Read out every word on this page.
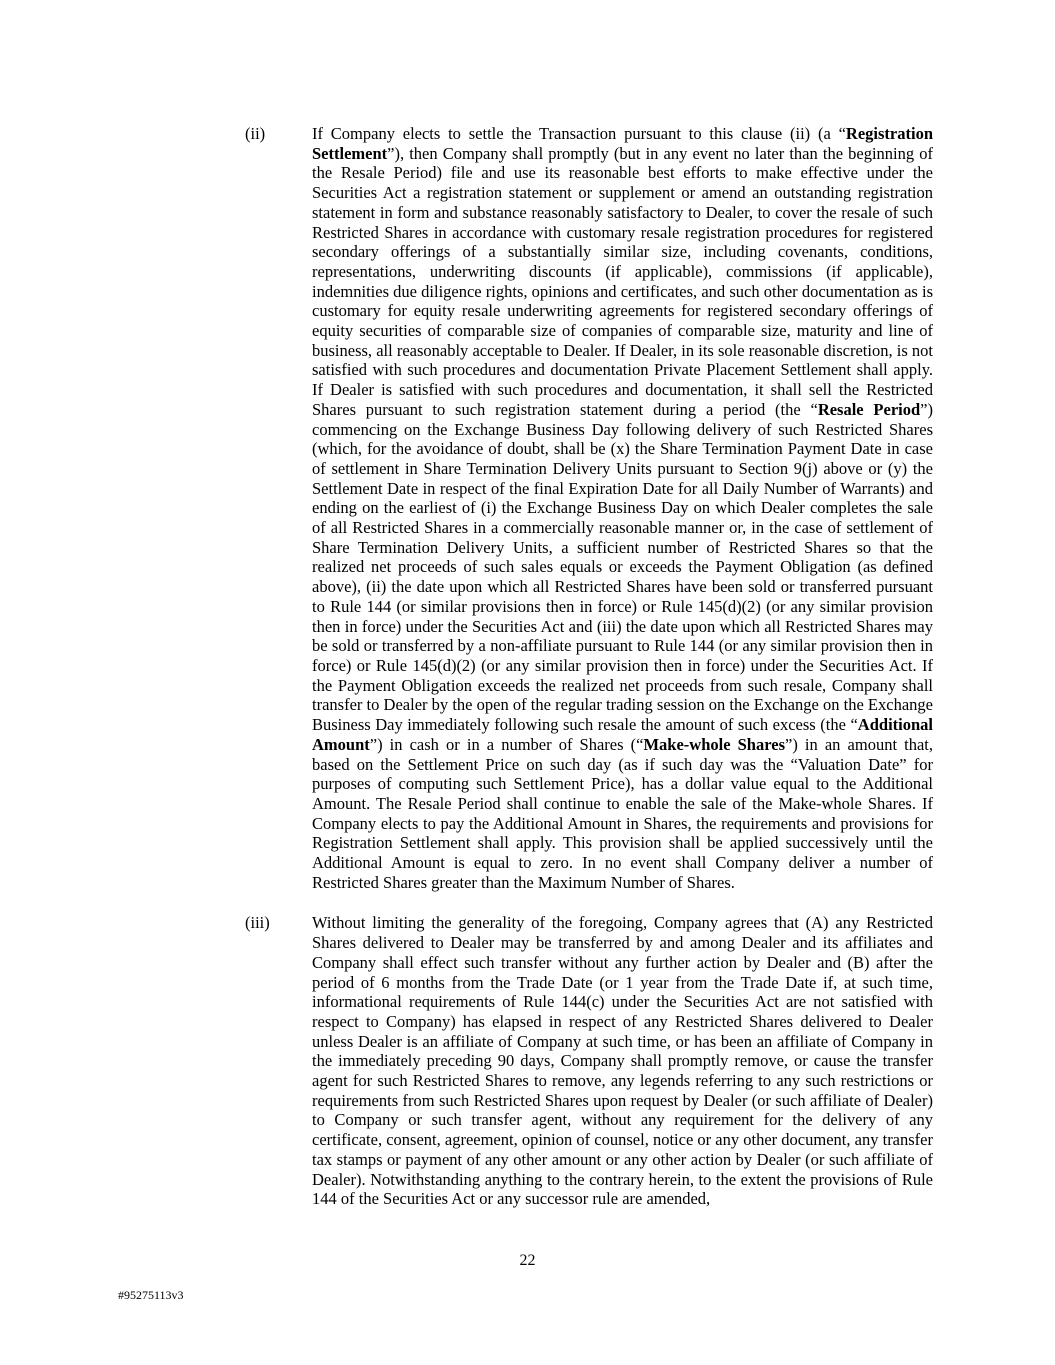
(ii)	If Company elects to settle the Transaction pursuant to this clause (ii) (a “Registration Settlement”), then Company shall promptly (but in any event no later than the beginning of the Resale Period) file and use its reasonable best efforts to make effective under the Securities Act a registration statement or supplement or amend an outstanding registration statement in form and substance reasonably satisfactory to Dealer, to cover the resale of such Restricted Shares in accordance with customary resale registration procedures for registered secondary offerings of a substantially similar size, including covenants, conditions, representations, underwriting discounts (if applicable), commissions (if applicable), indemnities due diligence rights, opinions and certificates, and such other documentation as is customary for equity resale underwriting agreements for registered secondary offerings of equity securities of comparable size of companies of comparable size, maturity and line of business, all reasonably acceptable to Dealer. If Dealer, in its sole reasonable discretion, is not satisfied with such procedures and documentation Private Placement Settlement shall apply. If Dealer is satisfied with such procedures and documentation, it shall sell the Restricted Shares pursuant to such registration statement during a period (the “Resale Period”) commencing on the Exchange Business Day following delivery of such Restricted Shares (which, for the avoidance of doubt, shall be (x) the Share Termination Payment Date in case of settlement in Share Termination Delivery Units pursuant to Section 9(j) above or (y) the Settlement Date in respect of the final Expiration Date for all Daily Number of Warrants) and ending on the earliest of (i) the Exchange Business Day on which Dealer completes the sale of all Restricted Shares in a commercially reasonable manner or, in the case of settlement of Share Termination Delivery Units, a sufficient number of Restricted Shares so that the realized net proceeds of such sales equals or exceeds the Payment Obligation (as defined above), (ii) the date upon which all Restricted Shares have been sold or transferred pursuant to Rule 144 (or similar provisions then in force) or Rule 145(d)(2) (or any similar provision then in force) under the Securities Act and (iii) the date upon which all Restricted Shares may be sold or transferred by a non-affiliate pursuant to Rule 144 (or any similar provision then in force) or Rule 145(d)(2) (or any similar provision then in force) under the Securities Act. If the Payment Obligation exceeds the realized net proceeds from such resale, Company shall transfer to Dealer by the open of the regular trading session on the Exchange on the Exchange Business Day immediately following such resale the amount of such excess (the “Additional Amount”) in cash or in a number of Shares (“Make-whole Shares”) in an amount that, based on the Settlement Price on such day (as if such day was the “Valuation Date” for purposes of computing such Settlement Price), has a dollar value equal to the Additional Amount. The Resale Period shall continue to enable the sale of the Make-whole Shares. If Company elects to pay the Additional Amount in Shares, the requirements and provisions for Registration Settlement shall apply. This provision shall be applied successively until the Additional Amount is equal to zero. In no event shall Company deliver a number of Restricted Shares greater than the Maximum Number of Shares.
(iii)	Without limiting the generality of the foregoing, Company agrees that (A) any Restricted Shares delivered to Dealer may be transferred by and among Dealer and its affiliates and Company shall effect such transfer without any further action by Dealer and (B) after the period of 6 months from the Trade Date (or 1 year from the Trade Date if, at such time, informational requirements of Rule 144(c) under the Securities Act are not satisfied with respect to Company) has elapsed in respect of any Restricted Shares delivered to Dealer unless Dealer is an affiliate of Company at such time, or has been an affiliate of Company in the immediately preceding 90 days, Company shall promptly remove, or cause the transfer agent for such Restricted Shares to remove, any legends referring to any such restrictions or requirements from such Restricted Shares upon request by Dealer (or such affiliate of Dealer) to Company or such transfer agent, without any requirement for the delivery of any certificate, consent, agreement, opinion of counsel, notice or any other document, any transfer tax stamps or payment of any other amount or any other action by Dealer (or such affiliate of Dealer). Notwithstanding anything to the contrary herein, to the extent the provisions of Rule 144 of the Securities Act or any successor rule are amended,
22
#95275113v3
